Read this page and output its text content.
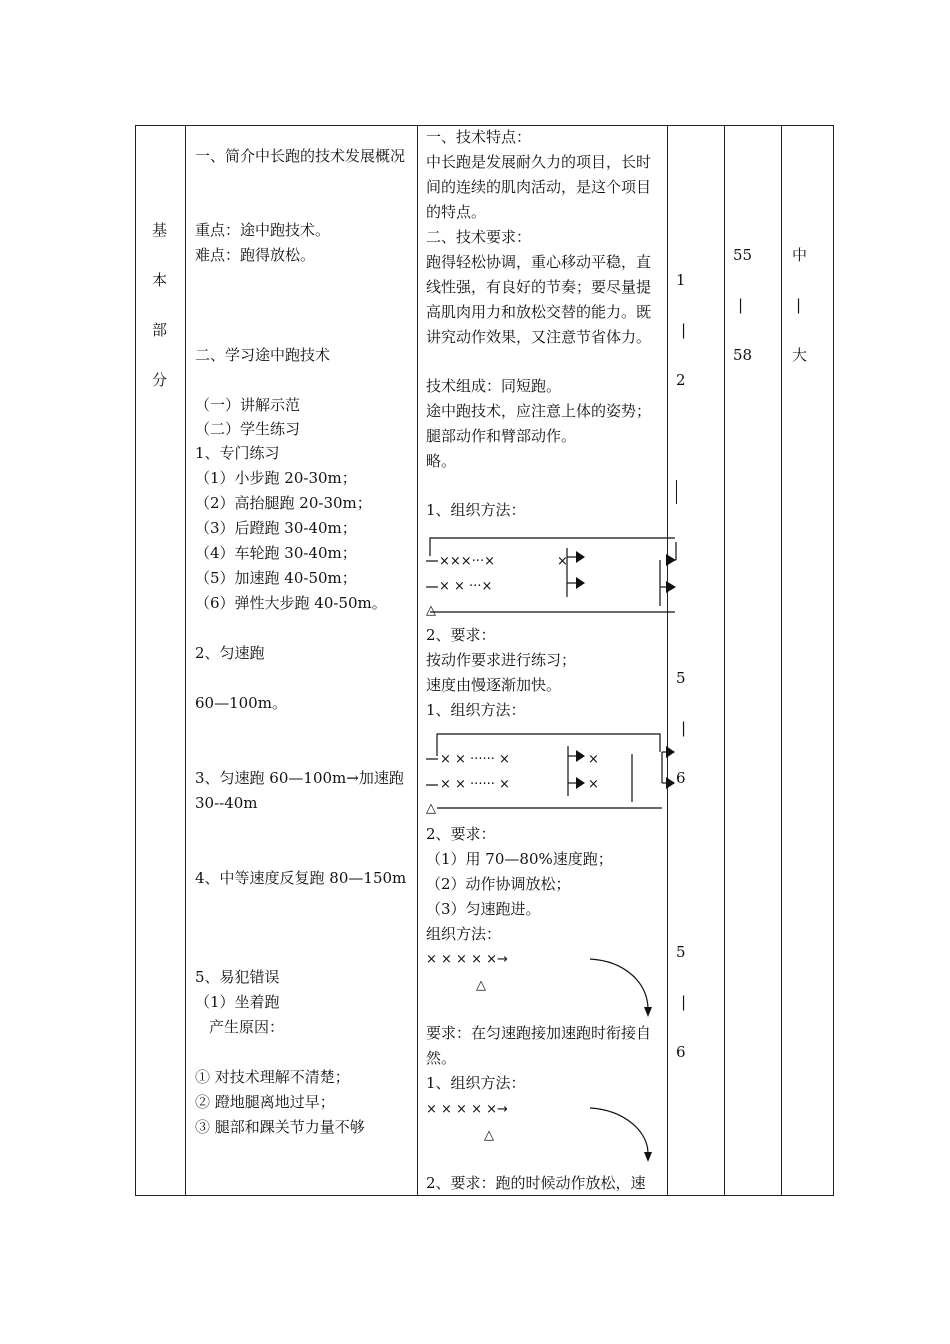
基
本
部
分
一、简介中长跑的技术发展概况
重点：途中跑技术。
难点：跑得放松。
二、学习途中跑技术
（一）讲解示范
（二）学生练习
1、专门练习
（1）小步跑 20-30m；
（2）高抬腿跑 20-30m；
（3）后蹬跑 30-40m；
（4）车轮跑 30-40m；
（5）加速跑 40-50m；
（6）弹性大步跑 40-50m。
2、匀速跑
60—100m。
3、匀速跑 60—100m→加速跑30--40m
4、中等速度反复跑 80—150m
5、易犯错误
（1）坐着跑
产生原因：
① 对技术理解不清楚；
② 蹬地腿离地过早；
③ 腿部和踝关节力量不够
一、技术特点：
中长跑是发展耐久力的项目，长时间的连续的肌肉活动，是这个项目的特点。
二、技术要求：
跑得轻松协调，重心移动平稳，直线性强，有良好的节奏；要尽量提高肌肉用力和放松交替的能力。既讲究动作效果，又注意节省体力。
技术组成：同短跑。
途中跑技术，应注意上体的姿势；腿部动作和臂部动作。
略。
1、组织方法：
×××···×
× × ···×
×
△
2、要求：
按动作要求进行练习；
速度由慢逐渐加快。
1、组织方法：
× × ······ ×
× × ······ ×
×
×
△
2、要求：
（1）用 70—80%速度跑；
（2）动作协调放松；
（3）匀速跑进。
组织方法：
× × × × ×→
△
要求：在匀速跑接加速跑时衔接自然。
1、组织方法：
× × × × ×→
△
2、要求：跑的时候动作放松，速
1
|
2
5
|
6
5
|
6
55
|
58
中
|
大
